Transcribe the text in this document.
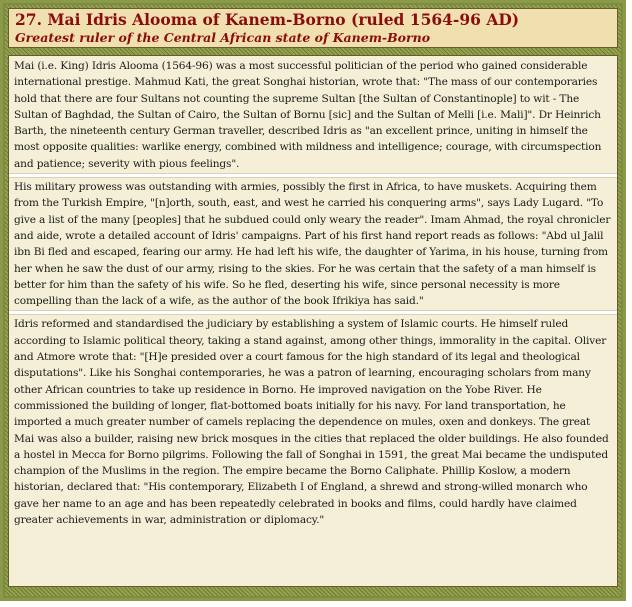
27. Mai Idris Alooma of Kanem-Borno (ruled 1564-96 AD)
Greatest ruler of the Central African state of Kanem-Borno

Mai (i.e. King) Idris Alooma (1564-96) was a most successful politician of the period who gained considerable international prestige. Mahmud Kati, the great Songhai historian, wrote that: "The mass of our contemporaries hold that there are four Sultans not counting the supreme Sultan [the Sultan of Constantinople] to wit - The Sultan of Baghdad, the Sultan of Cairo, the Sultan of Bornu [sic] and the Sultan of Melli [i.e. Mali]". Dr Heinrich Barth, the nineteenth century German traveller, described Idris as "an excellent prince, uniting in himself the most opposite qualities: warlike energy, combined with mildness and intelligence; courage, with circumspection and patience; severity with pious feelings".

His military prowess was outstanding with armies, possibly the first in Africa, to have muskets. Acquiring them from the Turkish Empire, "[n]orth, south, east, and west he carried his conquering arms", says Lady Lugard. "To give a list of the many [peoples] that he subdued could only weary the reader". Imam Ahmad, the royal chronicler and aide, wrote a detailed account of Idris' campaigns. Part of his first hand report reads as follows: "Abd ul Jalil ibn Bi fled and escaped, fearing our army. He had left his wife, the daughter of Yarima, in his house, turning from her when he saw the dust of our army, rising to the skies. For he was certain that the safety of a man himself is better for him than the safety of his wife. So he fled, deserting his wife, since personal necessity is more compelling than the lack of a wife, as the author of the book Ifrikiya has said."

Idris reformed and standardised the judiciary by establishing a system of Islamic courts. He himself ruled according to Islamic political theory, taking a stand against, among other things, immorality in the capital. Oliver and Atmore wrote that: "[H]e presided over a court famous for the high standard of its legal and theological disputations". Like his Songhai contemporaries, he was a patron of learning, encouraging scholars from many other African countries to take up residence in Borno. He improved navigation on the Yobe River. He commissioned the building of longer, flat-bottomed boats initially for his navy. For land transportation, he imported a much greater number of camels replacing the dependence on mules, oxen and donkeys. The great Mai was also a builder, raising new brick mosques in the cities that replaced the older buildings. He also founded a hostel in Mecca for Borno pilgrims. Following the fall of Songhai in 1591, the great Mai became the undisputed champion of the Muslims in the region. The empire became the Borno Caliphate. Phillip Koslow, a modern historian, declared that: "His contemporary, Elizabeth I of England, a shrewd and strong-willed monarch who gave her name to an age and has been repeatedly celebrated in books and films, could hardly have claimed greater achievements in war, administration or diplomacy."
